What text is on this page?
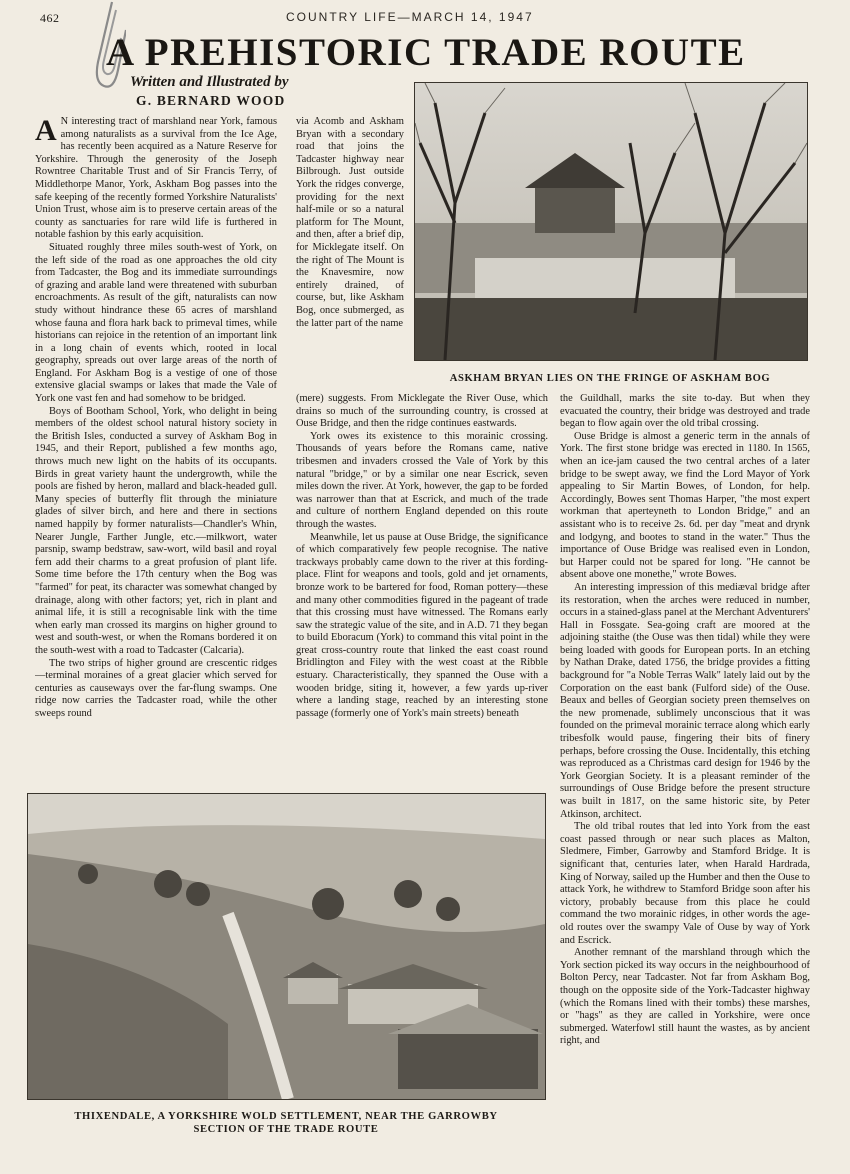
462	COUNTRY LIFE—MARCH 14, 1947
A PREHISTORIC TRADE ROUTE
Written and Illustrated by
G. BERNARD WOOD

A N interesting tract of marshland near York, famous among naturalists as a survival from the Ice Age, has recently been acquired as a Nature Reserve for Yorkshire. Through the generosity of the Joseph Rowntree Charitable Trust and of Sir Francis Terry, of Middlethorpe Manor, York, Askham Bog passes into the safe keeping of the recently formed Yorkshire Naturalists' Union Trust, whose aim is to preserve certain areas of the county as sanctuaries for rare wild life is furthered in notable fashion by this early acquisition.

Situated roughly three miles south-west of York, on the left side of the road as one approaches the old city from Tadcaster, the Bog and its immediate surroundings of grazing and arable land were threatened with suburban encroachments. As result of the gift, naturalists can now study without hindrance these 65 acres of marshland whose fauna and flora hark back to primeval times, while historians can rejoice in the retention of an important link in a long chain of events which, rooted in local geography, spreads out over large areas of the north of England. For Askham Bog is a vestige of one of those extensive glacial swamps or lakes that made the Vale of York one vast fen and had somehow to be bridged.

Boys of Bootham School, York, who delight in being members of the oldest school natural history society in the British Isles, conducted a survey of Askham Bog in 1945, and their Report, published a few months ago, throws much new light on the habits of its occupants. Birds in great variety haunt the undergrowth, while the pools are fished by heron, mallard and black-headed gull. Many species of butterfly flit through the miniature glades of silver birch, and here and there in sections named happily by former naturalists—Chandler's Whin, Nearer Jungle, Farther Jungle, etc.—milkwort, water parsnip, swamp bedstraw, saw-wort, wild basil and royal fern add their charms to a great profusion of plant life. Some time before the 17th century when the Bog was "farmed" for peat, its character was somewhat changed by drainage, along with other factors; yet, rich in plant and animal life, it is still a recognisable link with the time when early man crossed its margins on higher ground to west and south-west, or when the Romans bordered it on the south-west with a road to Tadcaster (Calcaria).

The two strips of higher ground are crescentic ridges—terminal moraines of a great glacier which served for centuries as causeways over the far-flung swamps. One ridge now carries the Tadcaster road, while the other sweeps round

via Acomb and Askham Bryan with a secondary road that joins the Tadcaster highway near Bilbrough. Just outside York the ridges converge, providing for the next half-mile or so a natural platform for The Mount, and then, after a brief dip, for Micklegate itself. On the right of The Mount is the Knavesmire, now entirely drained, of course, but, like Askham Bog, once submerged, as the latter part of the name

ASKHAM BRYAN LIES ON THE FRINGE OF ASKHAM BOG

(mere) suggests. From Micklegate the River Ouse, which drains so much of the surrounding country, is crossed at Ouse Bridge, and then the ridge continues eastwards.

York owes its existence to this morainic crossing. Thousands of years before the Romans came, native tribesmen and invaders crossed the Vale of York by this natural "bridge," or by a similar one near Escrick, seven miles down the river. At York, however, the gap to be forded was narrower than that at Escrick, and much of the trade and culture of northern England depended on this route through the wastes.

Meanwhile, let us pause at Ouse Bridge, the significance of which comparatively few people recognise. The native trackways probably came down to the river at this fording-place. Flint for weapons and tools, gold and jet ornaments, bronze work to be bartered for food, Roman pottery—these and many other commodities figured in the pageant of trade that this crossing must have witnessed. The Romans early saw the strategic value of the site, and in A.D. 71 they began to build Eboracum (York) to command this vital point in the great cross-country route that linked the east coast round Bridlington and Filey with the west coast at the Ribble estuary. Characteristically, they spanned the Ouse with a wooden bridge, siting it, however, a few yards up-river where a landing stage, reached by an interesting stone passage (formerly one of York's main streets) beneath

the Guildhall, marks the site to-day. But when they evacuated the country, their bridge was destroyed and trade began to flow again over the old tribal crossing.

Ouse Bridge is almost a generic term in the annals of York. The first stone bridge was erected in 1180. In 1565, when an ice-jam caused the two central arches of a later bridge to be swept away, we find the Lord Mayor of York appealing to Sir Martin Bowes, of London, for help. Accordingly, Bowes sent Thomas Harper, "the most expert workman that aperteyneth to London Bridge," and an assistant who is to receive 2s. 6d. per day "meat and drynk and lodgyng, and bootes to stand in the water." Thus the importance of Ouse Bridge was realised even in London, but Harper could not be spared for long. "He cannot be absent above one monethe," wrote Bowes.

An interesting impression of this mediæval bridge after its restoration, when the arches were reduced in number, occurs in a stained-glass panel at the Merchant Adventurers' Hall in Fossgate. Sea-going craft are moored at the adjoining staithe (the Ouse was then tidal) while they were being loaded with goods for European ports. In an etching by Nathan Drake, dated 1756, the bridge provides a fitting background for "a Noble Terras Walk" lately laid out by the Corporation on the east bank (Fulford side) of the Ouse. Beaux and belles of Georgian society preen themselves on the new promenade, sublimely unconscious that it was founded on the primeval morainic terrace along which early tribesfolk would pause, fingering their bits of finery perhaps, before crossing the Ouse. Incidentally, this etching was reproduced as a Christmas card design for 1946 by the York Georgian Society. It is a pleasant reminder of the surroundings of Ouse Bridge before the present structure was built in 1817, on the same historic site, by Peter Atkinson, architect.

The old tribal routes that led into York from the east coast passed through or near such places as Malton, Sledmere, Fimber, Garrowby and Stamford Bridge. It is significant that, centuries later, when Harald Hardrada, King of Norway, sailed up the Humber and then the Ouse to attack York, he withdrew to Stamford Bridge soon after his victory, probably because from this place he could command the two morainic ridges, in other words the age-old routes over the swampy Vale of Ouse by way of York and Escrick.

Another remnant of the marshland through which the York section picked its way occurs in the neighbourhood of Bolton Percy, near Tadcaster. Not far from Askham Bog, though on the opposite side of the York-Tadcaster highway (which the Romans lined with their tombs) these marshes, or "hags" as they are called in Yorkshire, were once submerged. Waterfowl still haunt the wastes, as by ancient right, and

THIXENDALE, A YORKSHIRE WOLD SETTLEMENT, NEAR THE GARROWBY
SECTION OF THE TRADE ROUTE
